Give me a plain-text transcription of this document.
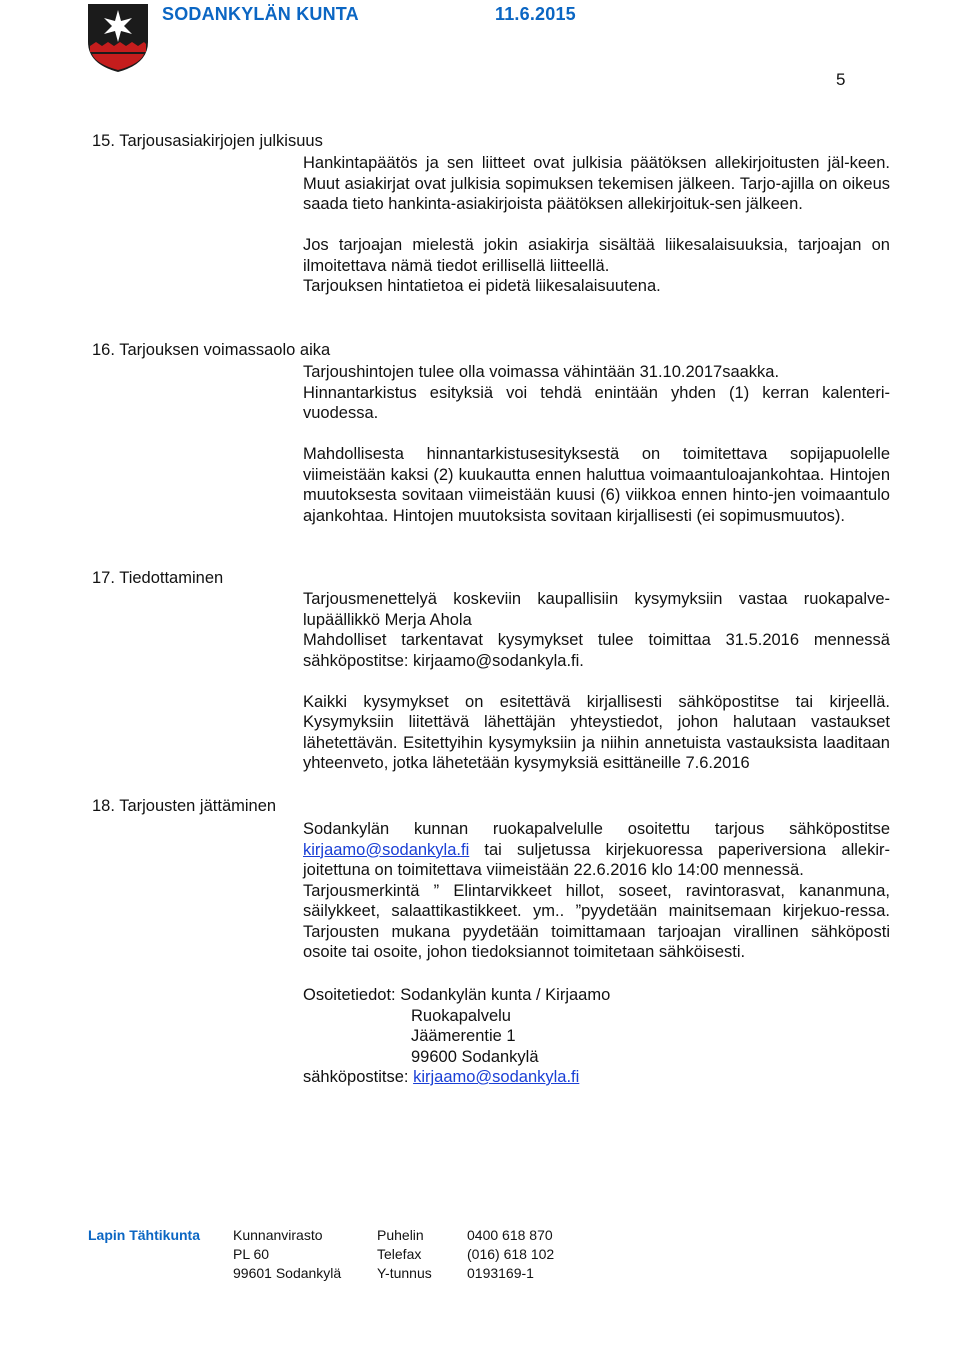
SODANKYLÄN KUNTA	11.6.2015
5
15. Tarjousasiakirjojen julkisuus

Hankintapäätös ja sen liitteet ovat julkisia päätöksen allekirjoitusten jäl-keen. Muut asiakirjat ovat julkisia sopimuksen tekemisen jälkeen. Tarjo-ajilla on oikeus saada tieto hankinta-asiakirjoista päätöksen allekirjoituk-sen jälkeen.

Jos tarjoajan mielestä jokin asiakirja sisältää liikesalaisuuksia, tarjoajan on ilmoitettava nämä tiedot erillisellä liitteellä.

Tarjouksen hintatietoa ei pidetä liikesalaisuutena.

16. Tarjouksen voimassaolo aika

Tarjoushintojen tulee olla voimassa vähintään 31.10.2017saakka.

Hinnantarkistus esityksiä voi tehdä enintään yhden (1) kerran kalenteri-vuodessa.

Mahdollisesta hinnantarkistusesityksestä on toimitettava sopijapuolelle viimeistään kaksi (2) kuukautta ennen haluttua voimaantuloajankohtaa. Hintojen muutoksesta sovitaan viimeistään kuusi (6) viikkoa ennen hinto-jen voimaantulo ajankohtaa. Hintojen muutoksista sovitaan kirjallisesti (ei sopimusmuutos).

17. Tiedottaminen

Tarjousmenettelyä koskeviin kaupallisiin kysymyksiin vastaa ruokapalve-lupäällikkö Merja Ahola

Mahdolliset tarkentavat kysymykset tulee toimittaa 31.5.2016 mennessä sähköpostitse: kirjaamo@sodankyla.fi.

Kaikki kysymykset on esitettävä kirjallisesti sähköpostitse tai kirjeellä. Kysymyksiin liitettävä lähettäjän yhteystiedot, johon halutaan vastaukset lähetettävän. Esitettyihin kysymyksiin ja niihin annetuista vastauksista laaditaan yhteenveto, jotka lähetetään kysymyksiä esittäneille 7.6.2016

18. Tarjousten jättäminen

Sodankylän kunnan ruokapalvelulle osoitettu tarjous sähköpostitse kirjaamo@sodankyla.fi tai suljetussa kirjekuoressa paperiversiona allekir-joitettuna on toimitettava viimeistään 22.6.2016 klo 14:00 mennessä.

Tarjousmerkintä ” Elintarvikkeet hillot, soseet, ravintorasvat, kananmuna, säilykkeet, salaattikastikkeet. ym.. ”pyydetään mainitsemaan kirjekuo-ressa. Tarjousten mukana pyydetään toimittamaan tarjoajan virallinen sähköposti osoite tai osoite, johon tiedoksiannot toimitetaan sähköisesti.

Osoitetiedot: Sodankylän kunta / Kirjaamo
Ruokapalvelu
Jäämerentie 1
99600 Sodankylä
sähköpostitse: kirjaamo@sodankyla.fi
Lapin Tähtikunta Kunnanvirasto
PL 60
99601 Sodankylä
Puhelin
Telefax
Y-tunnus
0400 618 870
(016) 618 102
0193169-1
